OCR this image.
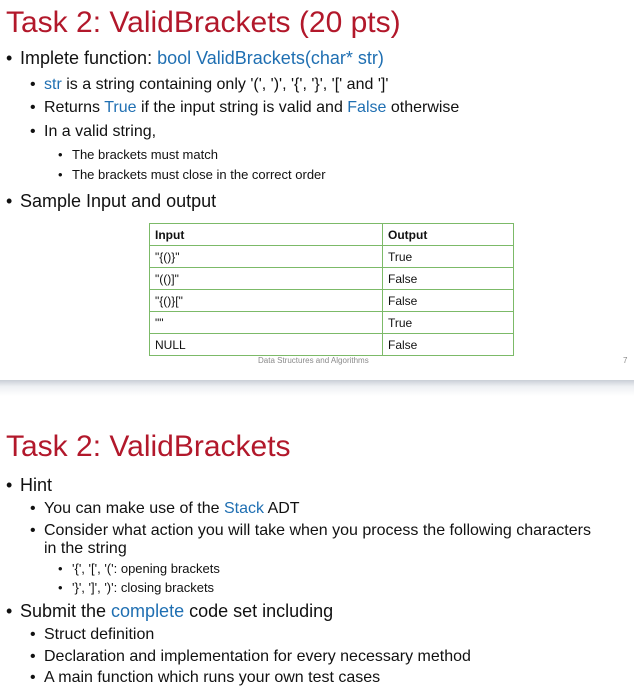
Task 2: ValidBrackets (20 pts)
• Implete function: bool ValidBrackets(char* str)
• str is a string containing only '(', ')', '{', '}', '[' and ']'
• Returns True if the input string is valid and False otherwise
• In a valid string,
• The brackets must match
• The brackets must close in the correct order
• Sample Input and output
Input	Output
"{()}"	True
"(()]"	False
"{()}["	False
""	True
NULL	False
Data Structures and Algorithms	7
Task 2: ValidBrackets
• Hint
• You can make use of the Stack ADT
• Consider what action you will take when you process the following characters
in the string
• '{', '[', '(': opening brackets
• '}', ']', ')': closing brackets
• Submit the complete code set including
• Struct definition
• Declaration and implementation for every necessary method
• A main function which runs your own test cases
